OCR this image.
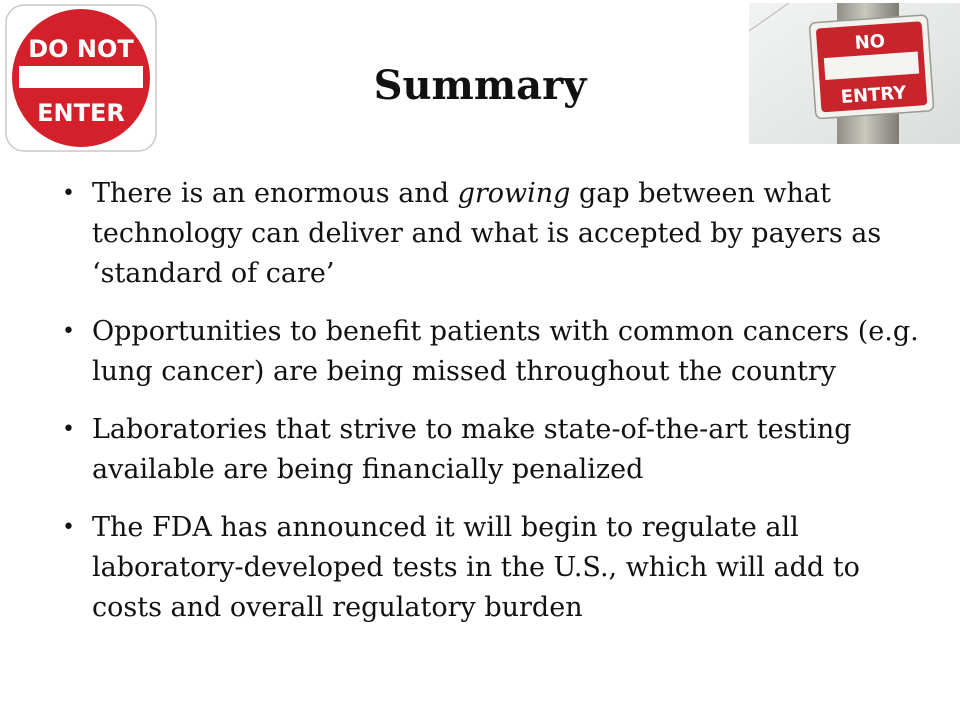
DO NOT
ENTER
NO
ENTRY
Summary
• There is an enormous and growing gap between what technology can deliver and what is accepted by payers as ‘standard of care’
• Opportunities to benefit patients with common cancers (e.g. lung cancer) are being missed throughout the country
• Laboratories that strive to make state-of-the-art testing available are being financially penalized
• The FDA has announced it will begin to regulate all laboratory-developed tests in the U.S., which will add to costs and overall regulatory burden
